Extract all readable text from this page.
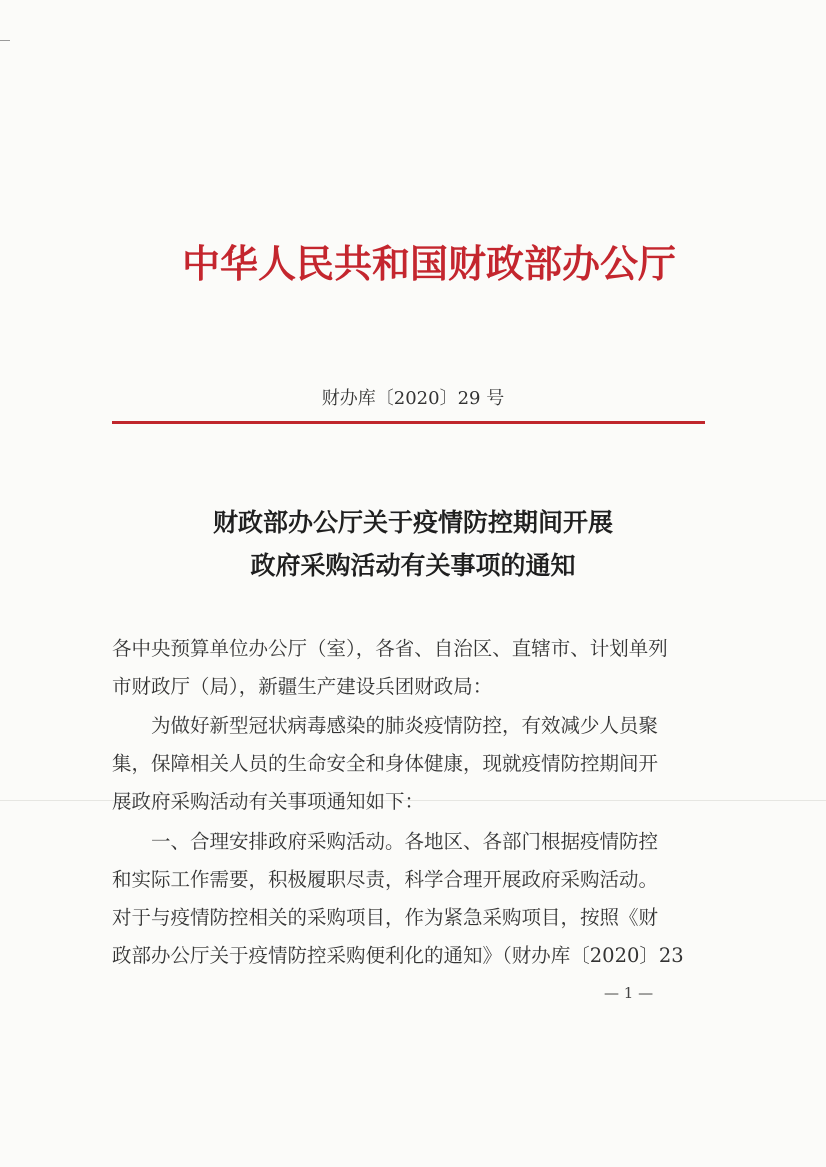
中华人民共和国财政部办公厅
财办库〔2020〕29 号
财政部办公厅关于疫情防控期间开展
政府采购活动有关事项的通知
各中央预算单位办公厅（室），各省、自治区、直辖市、计划单列
市财政厅（局），新疆生产建设兵团财政局：
为做好新型冠状病毒感染的肺炎疫情防控，有效减少人员聚
集，保障相关人员的生命安全和身体健康，现就疫情防控期间开
展政府采购活动有关事项通知如下：
一、合理安排政府采购活动。各地区、各部门根据疫情防控
和实际工作需要，积极履职尽责，科学合理开展政府采购活动。
对于与疫情防控相关的采购项目，作为紧急采购项目，按照《财
政部办公厅关于疫情防控采购便利化的通知》（财办库〔2020〕23
— 1 —
